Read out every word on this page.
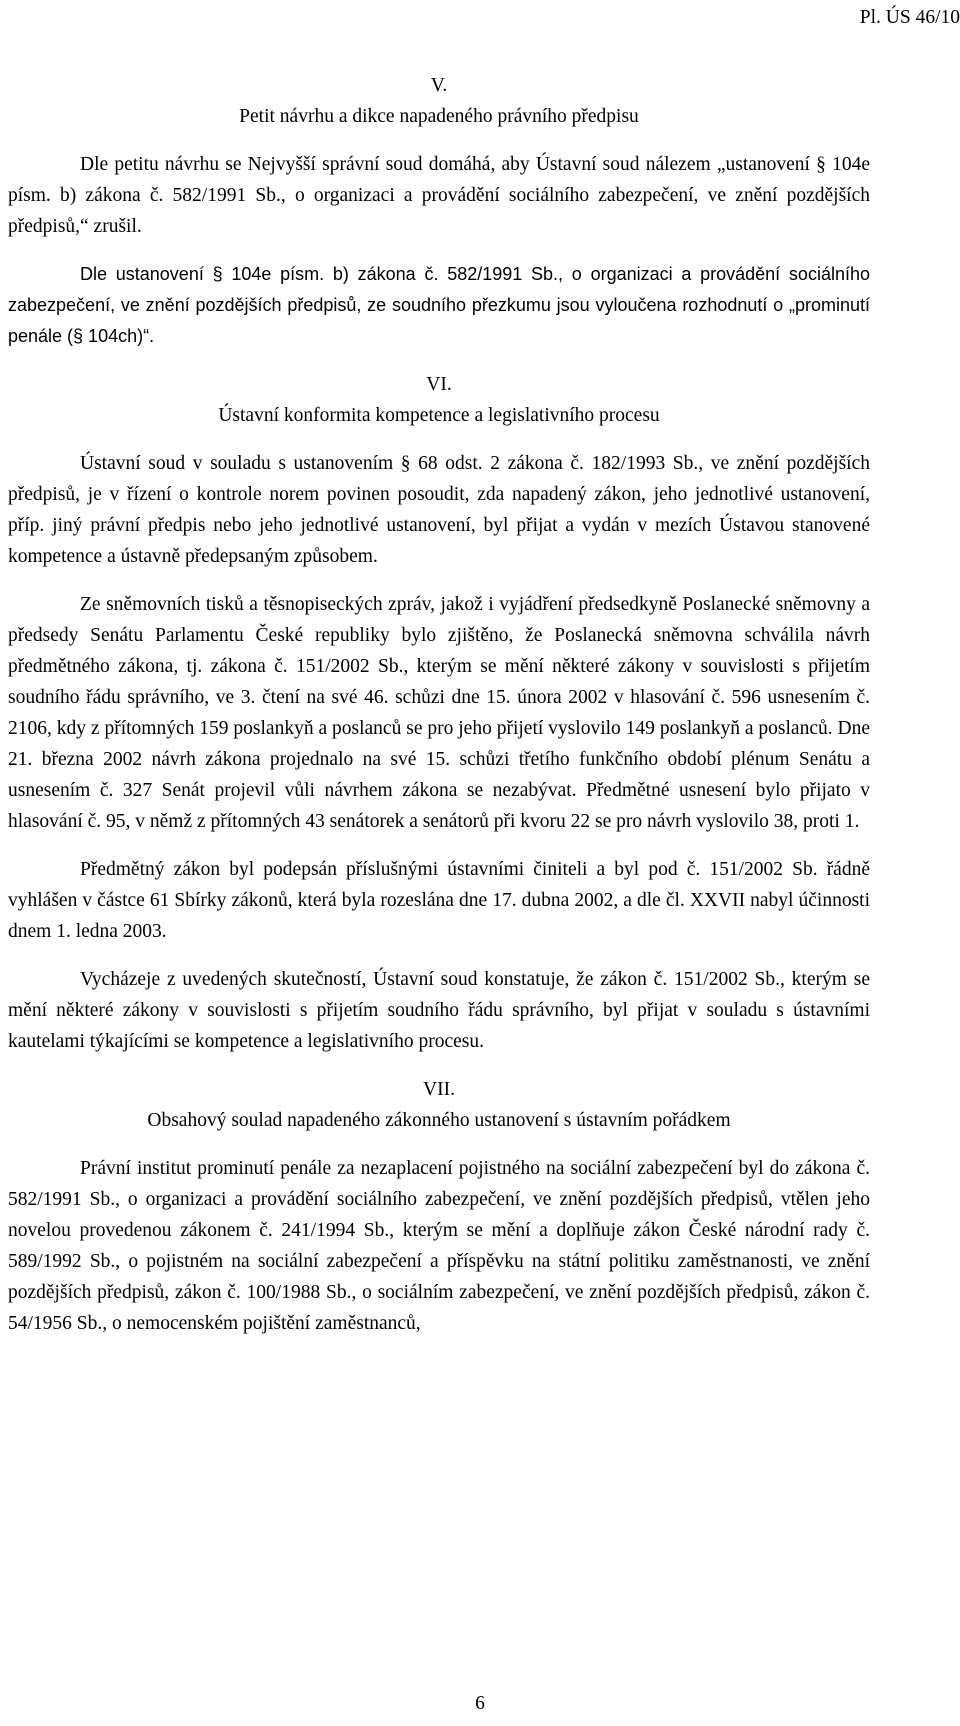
Pl. ÚS 46/10
V.
Petit návrhu a dikce napadeného právního předpisu

Dle petitu návrhu se Nejvyšší správní soud domáhá, aby Ústavní soud nálezem „ustanovení § 104e písm. b) zákona č. 582/1991 Sb., o organizaci a provádění sociálního zabezpečení, ve znění pozdějších předpisů,“ zrušil.

Dle ustanovení § 104e písm. b) zákona č. 582/1991 Sb., o organizaci a provádění sociálního zabezpečení, ve znění pozdějších předpisů, ze soudního přezkumu jsou vyloučena rozhodnutí o „prominutí penále (§ 104ch)“.

VI.
Ústavní konformita kompetence a legislativního procesu

Ústavní soud v souladu s ustanovením § 68 odst. 2 zákona č. 182/1993 Sb., ve znění pozdějších předpisů, je v řízení o kontrole norem povinen posoudit, zda napadený zákon, jeho jednotlivé ustanovení, příp. jiný právní předpis nebo jeho jednotlivé ustanovení, byl přijat a vydán v mezích Ústavou stanovené kompetence a ústavně předepsaným způsobem.

Ze sněmovních tisků a těsnopiseckých zpráv, jakož i vyjádření předsedkyně Poslanecké sněmovny a předsedy Senátu Parlamentu České republiky bylo zjištěno, že Poslanecká sněmovna schválila návrh předmětného zákona, tj. zákona č. 151/2002 Sb., kterým se mění některé zákony v souvislosti s přijetím soudního řádu správního, ve 3. čtení na své 46. schůzi dne 15. února 2002 v hlasování č. 596 usnesením č. 2106, kdy z přítomných 159 poslankyň a poslanců se pro jeho přijetí vyslovilo 149 poslankyň a poslanců. Dne 21. března 2002 návrh zákona projednalo na své 15. schůzi třetího funkčního období plénum Senátu a usnesením č. 327 Senát projevil vůli návrhem zákona se nezabývat. Předmětné usnesení bylo přijato v hlasování č. 95, v němž z přítomných 43 senátorek a senátorů při kvoru 22 se pro návrh vyslovilo 38, proti 1.

Předmětný zákon byl podepsán příslušnými ústavními činiteli a byl pod č. 151/2002 Sb. řádně vyhlášen v částce 61 Sbírky zákonů, která byla rozeslána dne 17. dubna 2002, a dle čl. XXVII nabyl účinnosti dnem 1. ledna 2003.

Vycházeje z uvedených skutečností, Ústavní soud konstatuje, že zákon č. 151/2002 Sb., kterým se mění některé zákony v souvislosti s přijetím soudního řádu správního, byl přijat v souladu s ústavními kautelami týkajícími se kompetence a legislativního procesu.

VII.
Obsahový soulad napadeného zákonného ustanovení s ústavním pořádkem

Právní institut prominutí penále za nezaplacení pojistného na sociální zabezpečení byl do zákona č. 582/1991 Sb., o organizaci a provádění sociálního zabezpečení, ve znění pozdějších předpisů, vtělen jeho novelou provedenou zákonem č. 241/1994 Sb., kterým se mění a doplňuje zákon České národní rady č. 589/1992 Sb., o pojistném na sociální zabezpečení a příspěvku na státní politiku zaměstnanosti, ve znění pozdějších předpisů, zákon č. 100/1988 Sb., o sociálním zabezpečení, ve znění pozdějších předpisů, zákon č. 54/1956 Sb., o nemocenském pojištění zaměstnanců,

6
